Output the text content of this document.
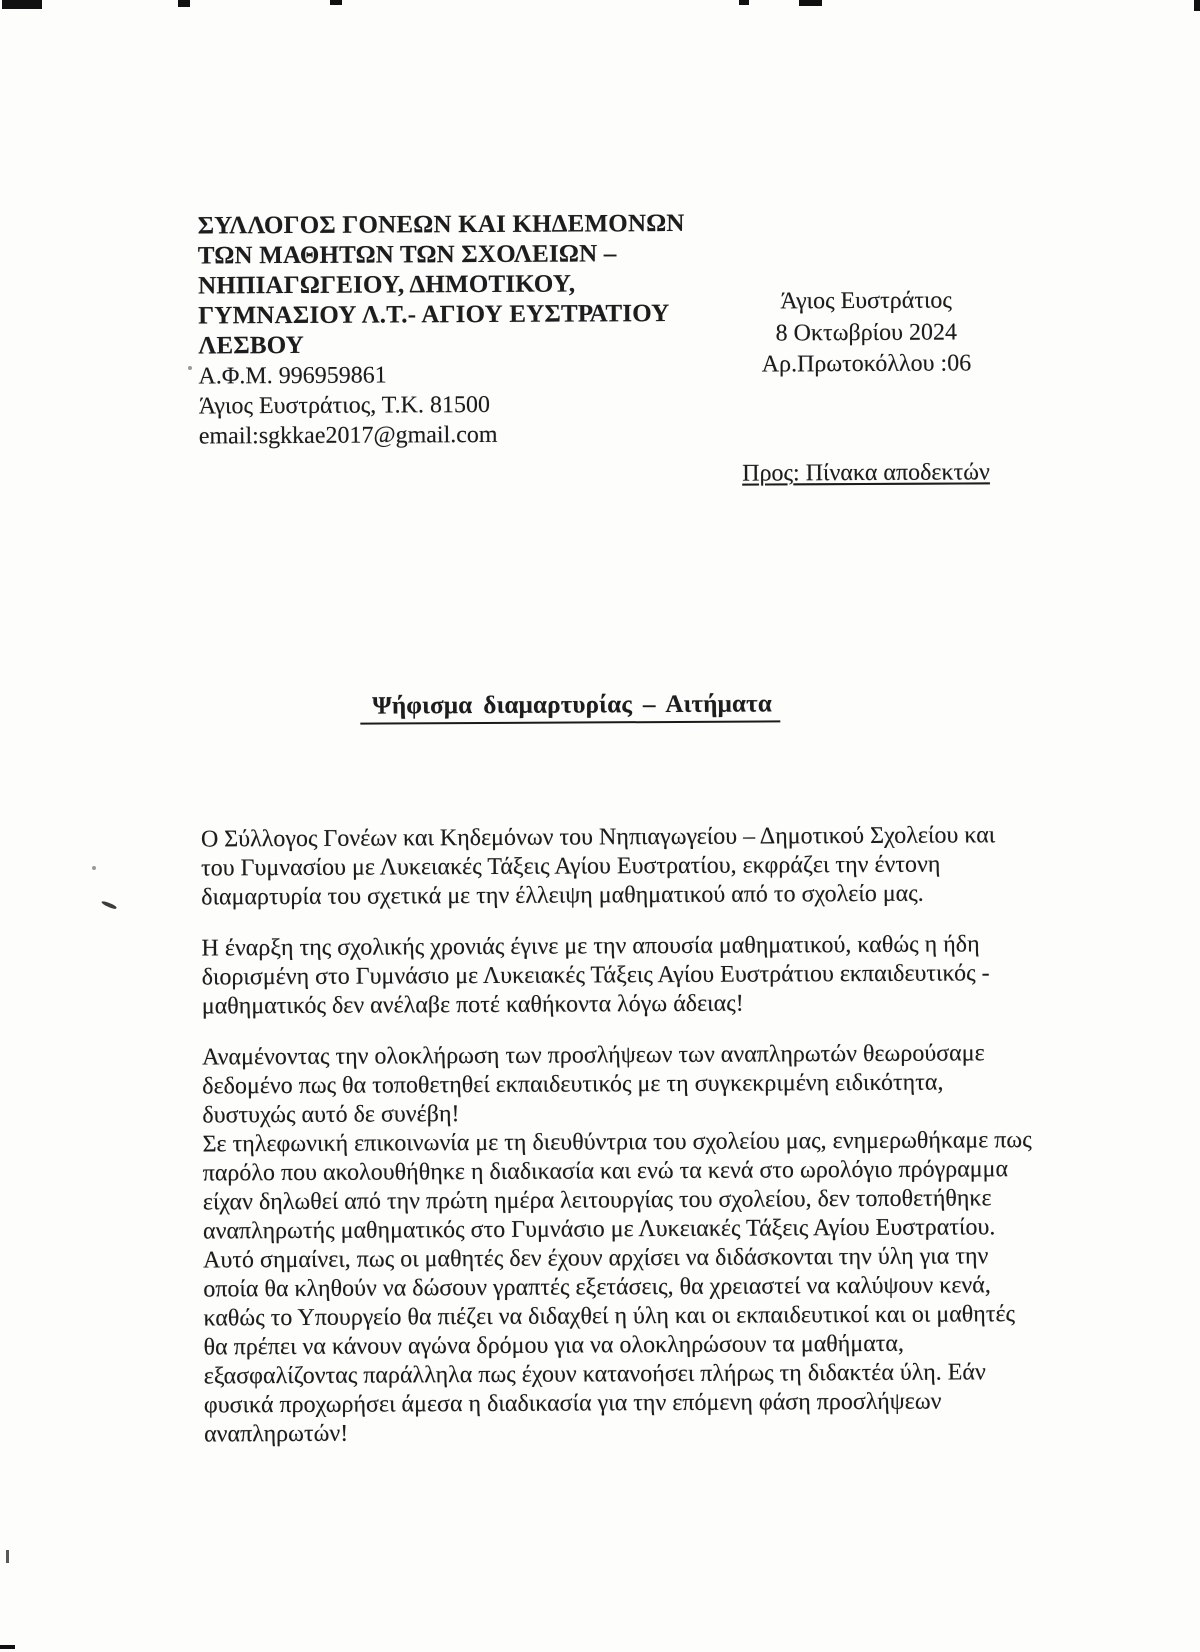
ΣΥΛΛΟΓΟΣ ΓΟΝΕΩΝ ΚΑΙ ΚΗΔΕΜΟΝΩΝ
ΤΩΝ ΜΑΘΗΤΩΝ ΤΩΝ ΣΧΟΛΕΙΩΝ –
ΝΗΠΙΑΓΩΓΕΙΟΥ, ΔΗΜΟΤΙΚΟΥ,
ΓΥΜΝΑΣΙΟΥ Λ.Τ.- ΑΓΙΟΥ ΕΥΣΤΡΑΤΙΟΥ
ΛΕΣΒΟΥ
Α.Φ.Μ. 996959861
Άγιος Ευστράτιος, Τ.Κ. 81500
email:sgkkae2017@gmail.com
Άγιος Ευστράτιος
8 Οκτωβρίου 2024
Αρ.Πρωτοκόλλου :06
Προς: Πίνακα αποδεκτών
Ψήφισμα διαμαρτυρίας – Αιτήματα
Ο Σύλλογος Γονέων και Κηδεμόνων του Νηπιαγωγείου – Δημοτικού Σχολείου και
του Γυμνασίου με Λυκειακές Τάξεις Αγίου Ευστρατίου, εκφράζει την έντονη
διαμαρτυρία του σχετικά με την έλλειψη μαθηματικού από το σχολείο μας.
Η έναρξη της σχολικής χρονιάς έγινε με την απουσία μαθηματικού, καθώς η ήδη
διορισμένη στο Γυμνάσιο με Λυκειακές Τάξεις Αγίου Ευστράτιου εκπαιδευτικός -
μαθηματικός δεν ανέλαβε ποτέ καθήκοντα λόγω άδειας!
Αναμένοντας την ολοκλήρωση των προσλήψεων των αναπληρωτών θεωρούσαμε
δεδομένο πως θα τοποθετηθεί εκπαιδευτικός με τη συγκεκριμένη ειδικότητα,
δυστυχώς αυτό δε συνέβη!
Σε τηλεφωνική επικοινωνία με τη διευθύντρια του σχολείου μας, ενημερωθήκαμε πως
παρόλο που ακολουθήθηκε η διαδικασία και ενώ τα κενά στο ωρολόγιο πρόγραμμα
είχαν δηλωθεί από την πρώτη ημέρα λειτουργίας του σχολείου, δεν τοποθετήθηκε
αναπληρωτής μαθηματικός στο Γυμνάσιο με Λυκειακές Τάξεις Αγίου Ευστρατίου.
Αυτό σημαίνει, πως οι μαθητές δεν έχουν αρχίσει να διδάσκονται την ύλη για την
οποία θα κληθούν να δώσουν γραπτές εξετάσεις, θα χρειαστεί να καλύψουν κενά,
καθώς το Υπουργείο θα πιέζει να διδαχθεί η ύλη και οι εκπαιδευτικοί και οι μαθητές
θα πρέπει να κάνουν αγώνα δρόμου για να ολοκληρώσουν τα μαθήματα,
εξασφαλίζοντας παράλληλα πως έχουν κατανοήσει πλήρως τη διδακτέα ύλη. Εάν
φυσικά προχωρήσει άμεσα η διαδικασία για την επόμενη φάση προσλήψεων
αναπληρωτών!
